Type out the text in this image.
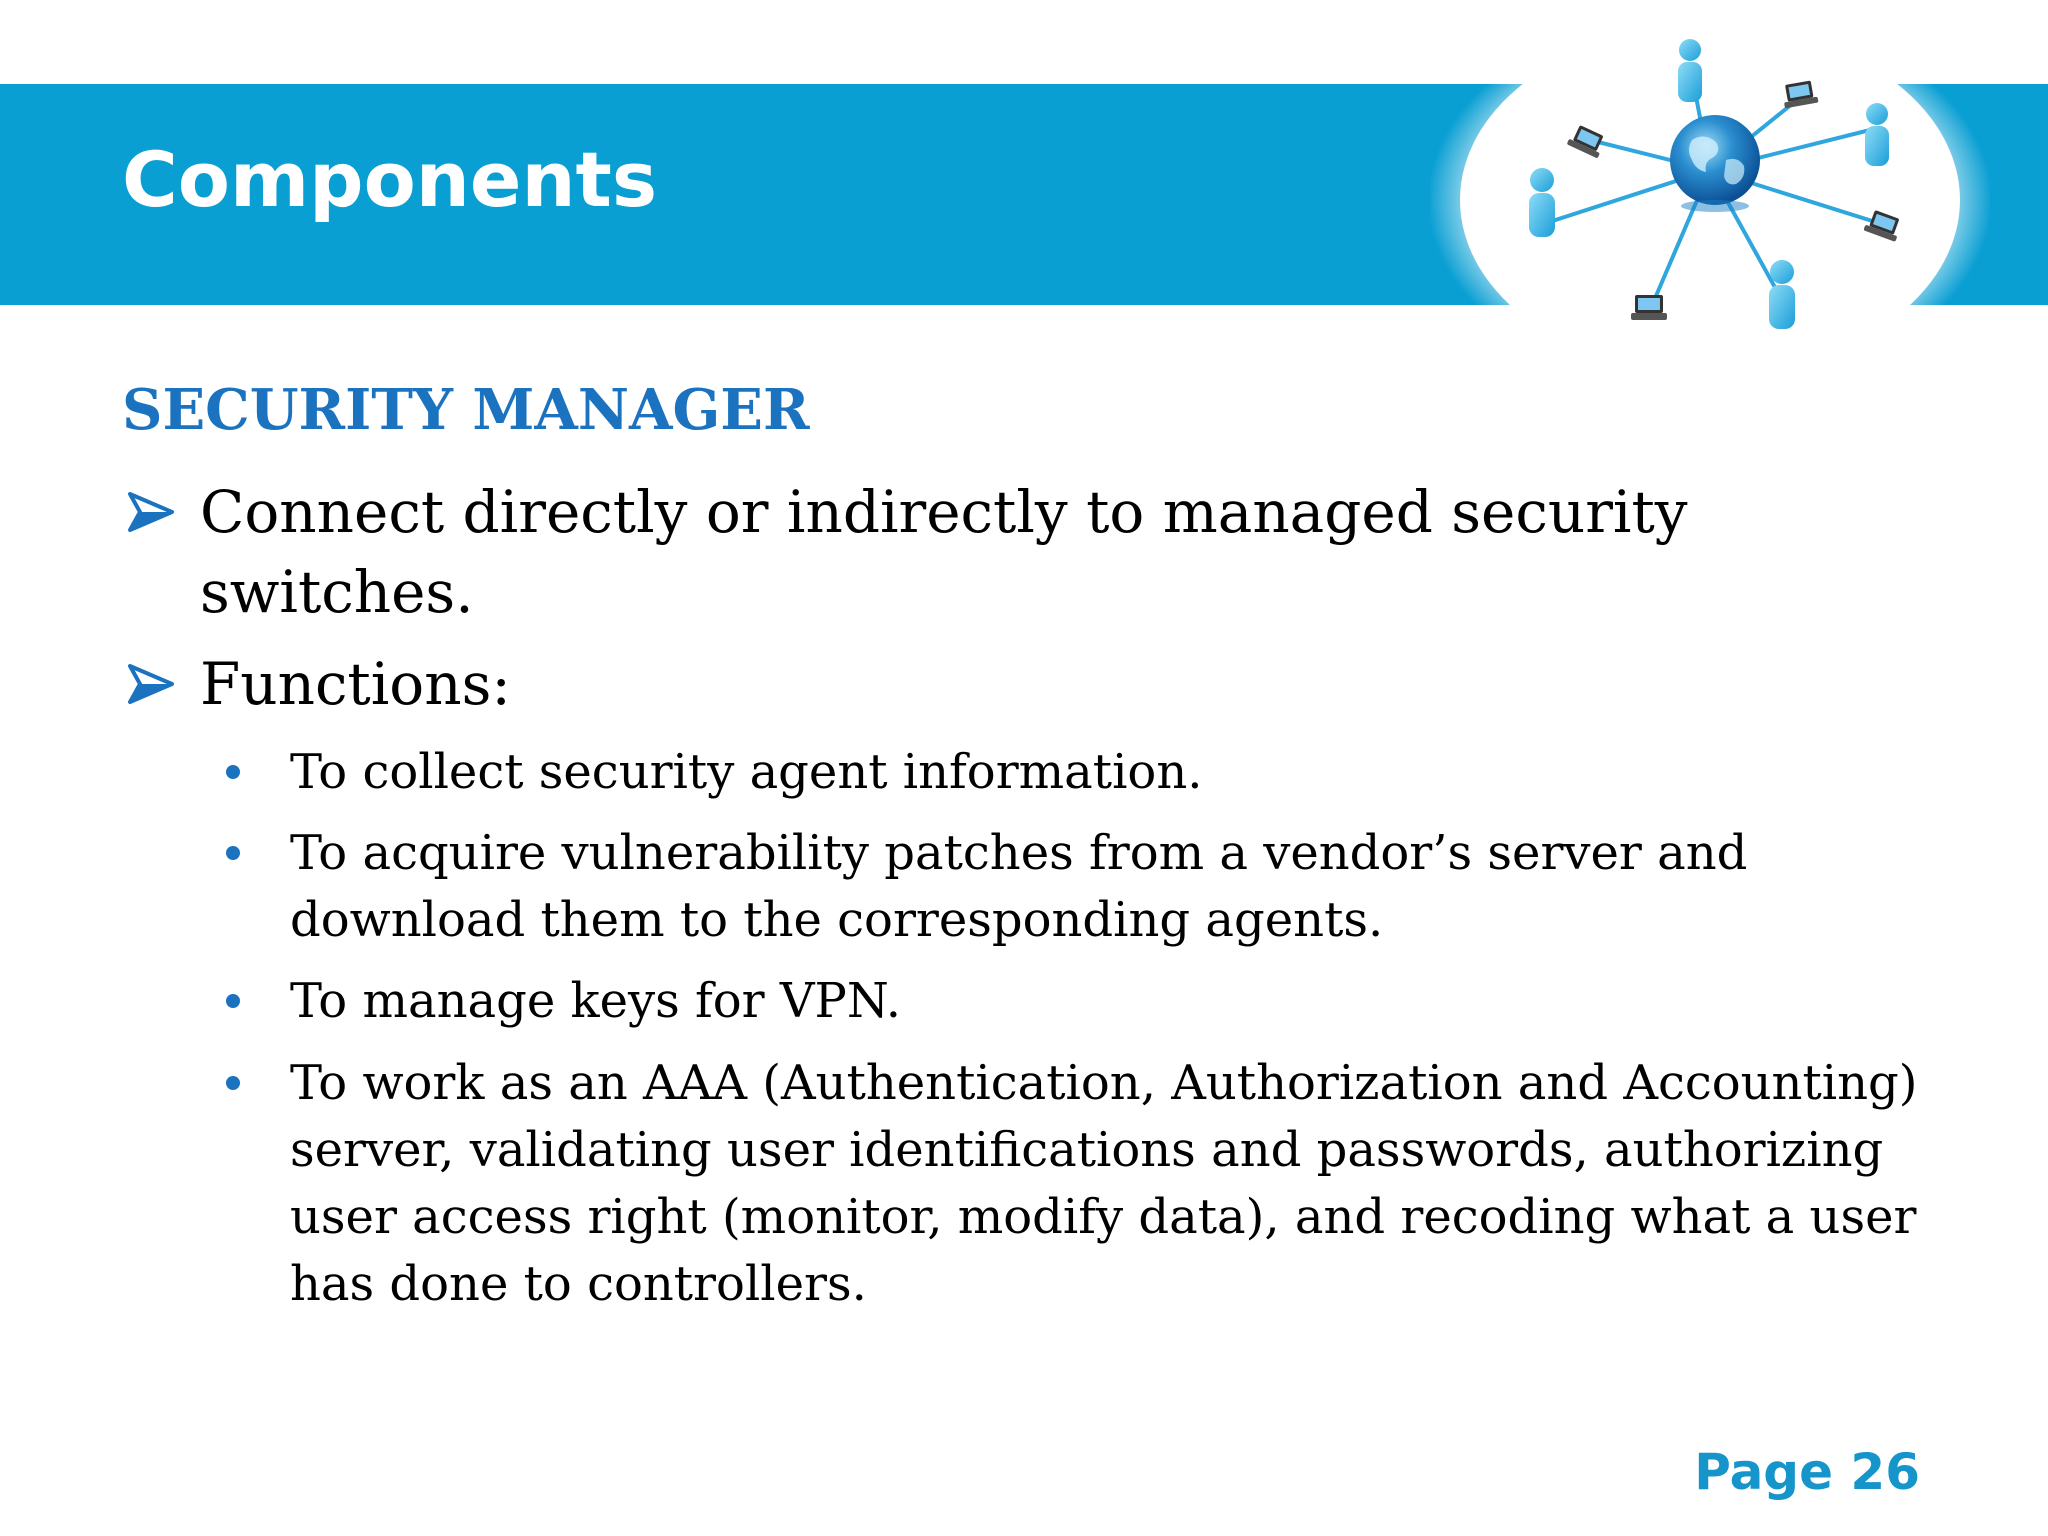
Components
SECURITY MANAGER
Connect directly or indirectly to managed security switches.
Functions:
To collect security agent information.
To acquire vulnerability patches from a vendor’s server and download them to the corresponding agents.
To manage keys for VPN.
To work as an AAA (Authentication, Authorization and Accounting) server, validating user identifications and passwords, authorizing user access right (monitor, modify data), and recoding what a user has done to controllers.
Page 26
